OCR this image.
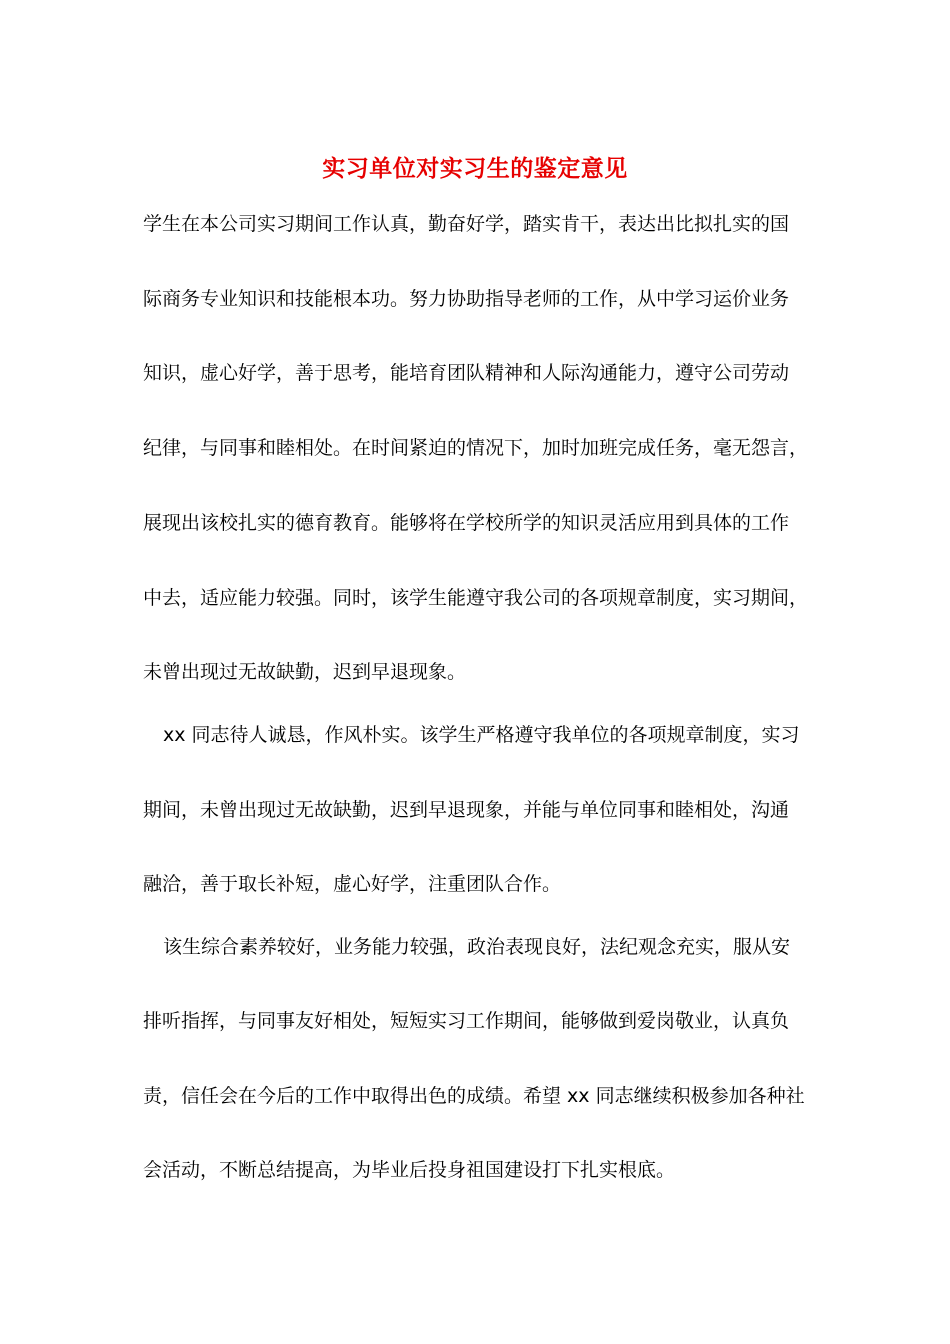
实习单位对实习生的鉴定意见
学生在本公司实习期间工作认真，勤奋好学，踏实肯干，表达出比拟扎实的国
际商务专业知识和技能根本功。努力协助指导老师的工作，从中学习运价业务
知识，虚心好学，善于思考，能培育团队精神和人际沟通能力，遵守公司劳动
纪律，与同事和睦相处。在时间紧迫的情况下，加时加班完成任务，毫无怨言，
展现出该校扎实的德育教育。能够将在学校所学的知识灵活应用到具体的工作
中去，适应能力较强。同时，该学生能遵守我公司的各项规章制度，实习期间，
未曾出现过无故缺勤，迟到早退现象。
xx 同志待人诚恳，作风朴实。该学生严格遵守我单位的各项规章制度，实习
期间，未曾出现过无故缺勤，迟到早退现象，并能与单位同事和睦相处，沟通
融洽，善于取长补短，虚心好学，注重团队合作。
该生综合素养较好，业务能力较强，政治表现良好，法纪观念充实，服从安
排听指挥，与同事友好相处，短短实习工作期间，能够做到爱岗敬业，认真负
责，信任会在今后的工作中取得出色的成绩。希望 xx 同志继续积极参加各种社
会活动，不断总结提高，为毕业后投身祖国建设打下扎实根底。
